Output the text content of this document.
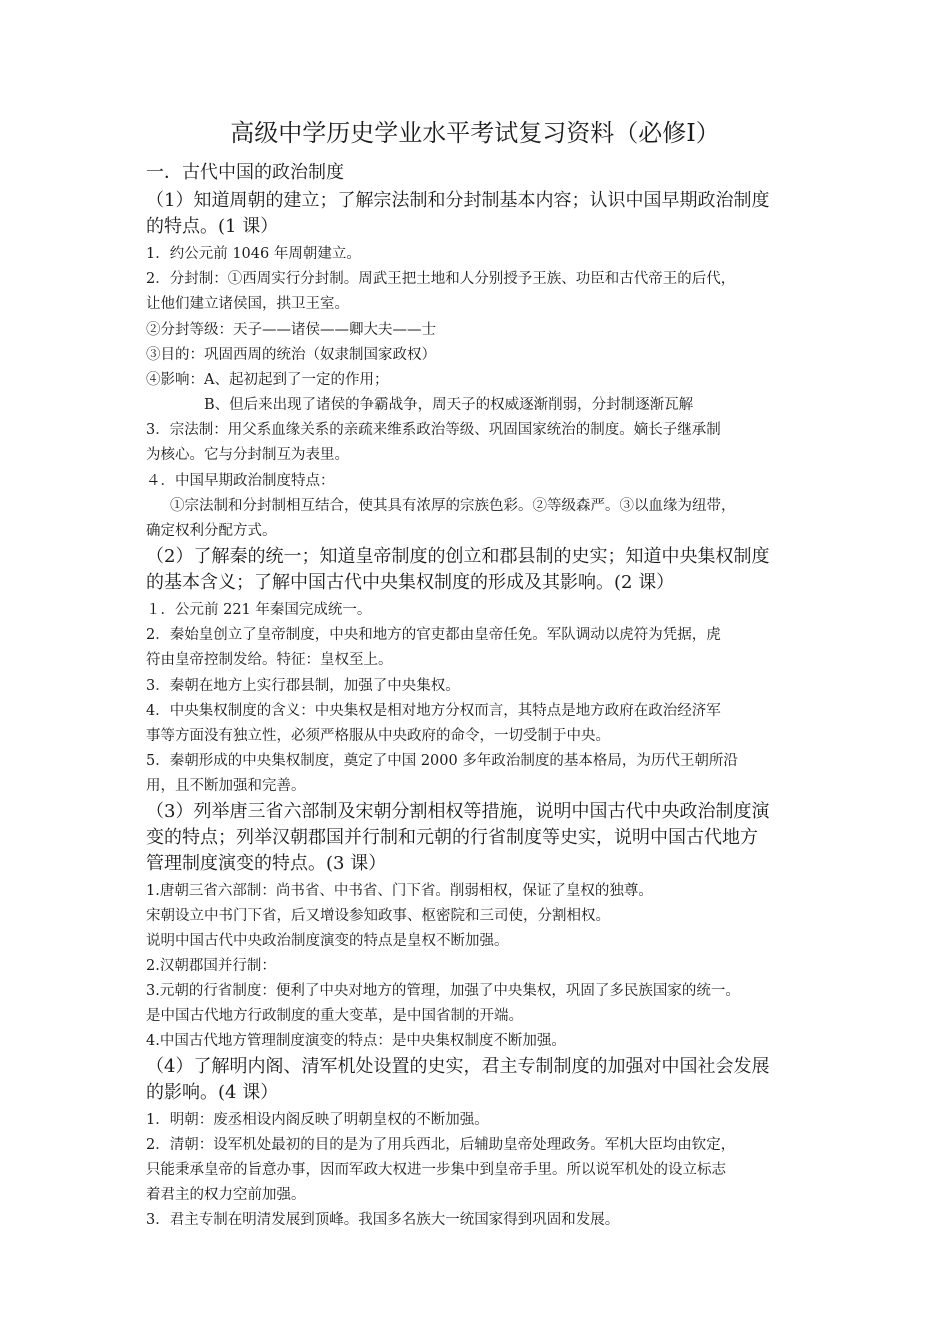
高级中学历史学业水平考试复习资料（必修Ⅰ）
一．古代中国的政治制度
（1）知道周朝的建立；了解宗法制和分封制基本内容；认识中国早期政治制度
的特点。(1 课）
1．约公元前 1046 年周朝建立。
2．分封制：①西周实行分封制。周武王把土地和人分别授予王族、功臣和古代帝王的后代，
让他们建立诸侯国，拱卫王室。
②分封等级：天子——诸侯——卿大夫——士
③目的：巩固西周的统治（奴隶制国家政权）
④影响：A、起初起到了一定的作用；
B、但后来出现了诸侯的争霸战争，周天子的权威逐渐削弱，分封制逐渐瓦解
3．宗法制：用父系血缘关系的亲疏来维系政治等级、巩固国家统治的制度。嫡长子继承制
为核心。它与分封制互为表里。
４．中国早期政治制度特点：
①宗法制和分封制相互结合，使其具有浓厚的宗族色彩。②等级森严。③以血缘为纽带，
确定权利分配方式。
（2）了解秦的统一；知道皇帝制度的创立和郡县制的史实；知道中央集权制度
的基本含义；了解中国古代中央集权制度的形成及其影响。(2 课）
１．公元前 221 年秦国完成统一。
2．秦始皇创立了皇帝制度，中央和地方的官吏都由皇帝任免。军队调动以虎符为凭据，虎
符由皇帝控制发给。特征：皇权至上。
3．秦朝在地方上实行郡县制，加强了中央集权。
4．中央集权制度的含义：中央集权是相对地方分权而言，其特点是地方政府在政治经济军
事等方面没有独立性，必须严格服从中央政府的命令，一切受制于中央。
5．秦朝形成的中央集权制度，奠定了中国 2000 多年政治制度的基本格局，为历代王朝所沿
用，且不断加强和完善。
（3）列举唐三省六部制及宋朝分割相权等措施，说明中国古代中央政治制度演
变的特点；列举汉朝郡国并行制和元朝的行省制度等史实，说明中国古代地方
管理制度演变的特点。(3 课）
1.唐朝三省六部制：尚书省、中书省、门下省。削弱相权，保证了皇权的独尊。
宋朝设立中书门下省，后又增设参知政事、枢密院和三司使，分割相权。
说明中国古代中央政治制度演变的特点是皇权不断加强。
2.汉朝郡国并行制：
3.元朝的行省制度：便利了中央对地方的管理，加强了中央集权，巩固了多民族国家的统一。
是中国古代地方行政制度的重大变革，是中国省制的开端。
4.中国古代地方管理制度演变的特点：是中央集权制度不断加强。
（4）了解明内阁、清军机处设置的史实，君主专制制度的加强对中国社会发展
的影响。(4 课）
1．明朝：废丞相设内阁反映了明朝皇权的不断加强。
2．清朝：设军机处最初的目的是为了用兵西北，后辅助皇帝处理政务。军机大臣均由钦定，
只能秉承皇帝的旨意办事，因而军政大权进一步集中到皇帝手里。所以说军机处的设立标志
着君主的权力空前加强。
3．君主专制在明清发展到顶峰。我国多名族大一统国家得到巩固和发展。
